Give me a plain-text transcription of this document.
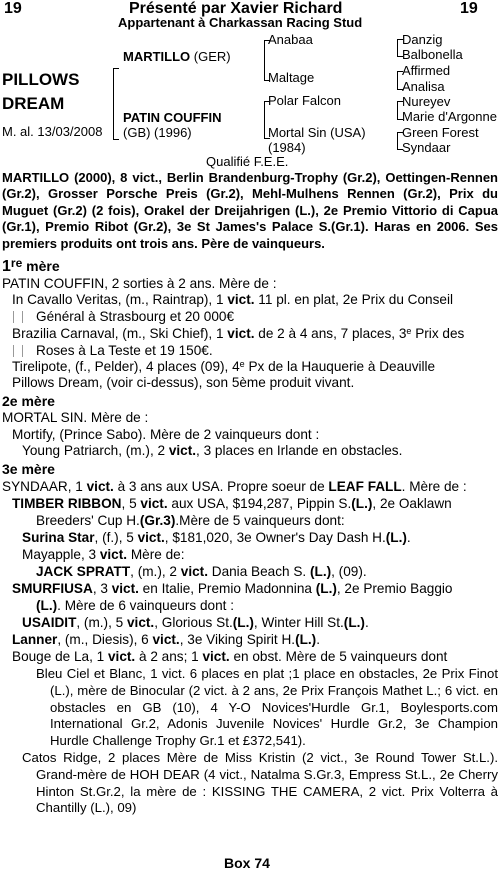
19	Présenté par Xavier Richard	19
Appartenant à Charkassan Racing Stud
PILLOWS
DREAM
M. al. 13/03/2008
MARTILLO (GER)
PATIN COUFFIN
(GB) (1996)
Anabaa
Maltage
Polar Falcon
Mortal Sin (USA)
(1984)
Danzig
Balbonella
Affirmed
Analisa
Nureyev
Marie d'Argonne
Green Forest
Syndaar
Qualifié F.E.E.
MARTILLO (2000), 8 vict., Berlin Brandenburg-Trophy (Gr.2), Oettingen-Rennen (Gr.2), Grosser Porsche Preis (Gr.2), Mehl-Mulhens Rennen (Gr.2), Prix du Muguet (Gr.2) (2 fois), Orakel der Dreijahrigen (L.), 2e Premio Vittorio di Capua (Gr.1), Premio Ribot (Gr.2), 3e St James's Palace S.(Gr.1). Haras en 2006. Ses premiers produits ont trois ans. Père de vainqueurs.
1re mère
PATIN COUFFIN, 2 sorties à 2 ans. Mère de :
In Cavallo Veritas, (m., Raintrap), 1 vict. 11 pl. en plat, 2e Prix du Conseil
Général à Strasbourg et 20 000€
Brazilia Carnaval, (m., Ski Chief), 1 vict. de 2 à 4 ans, 7 places, 3e Prix des
Roses à La Teste et 19 150€.
Tirelipote, (f., Pelder), 4 places (09), 4e Px de la Hauquerie à Deauville
Pillows Dream, (voir ci-dessus), son 5ème produit vivant.
2e mère
MORTAL SIN. Mère de :
Mortify, (Prince Sabo). Mère de 2 vainqueurs dont :
Young Patriarch, (m.), 2 vict., 3 places en Irlande en obstacles.
3e mère
SYNDAAR, 1 vict. à 3 ans aux USA. Propre soeur de LEAF FALL. Mère de :
TIMBER RIBBON, 5 vict. aux USA, $194,287, Pippin S.(L.), 2e Oaklawn
Breeders' Cup H.(Gr.3).Mère de 5 vainqueurs dont:
Surina Star, (f.), 5 vict., $181,020, 3e Owner's Day Dash H.(L.).
Mayapple, 3 vict. Mère de:
JACK SPRATT, (m.), 2 vict. Dania Beach S. (L.), (09).
SMURFIUSA, 3 vict. en Italie, Premio Madonnina (L.), 2e Premio Baggio
(L.). Mère de 6 vainqueurs dont :
USAIDIT, (m.), 5 vict., Glorious St.(L.), Winter Hill St.(L.).
Lanner, (m., Diesis), 6 vict., 3e Viking Spirit H.(L.).
Bouge de La, 1 vict. à 2 ans; 1 vict. en obst. Mère de 5 vainqueurs dont
Bleu Ciel et Blanc, 1 vict. 6 places en plat ;1 place en obstacles, 2e Prix Finot (L.), mère de Binocular (2 vict. à 2 ans, 2e Prix François Mathet L.; 6 vict. en obstacles en GB (10), 4 Y-O Novices'Hurdle Gr.1, Boylesports.com International Gr.2, Adonis Juvenile Novices' Hurdle Gr.2, 3e Champion Hurdle Challenge Trophy Gr.1 et £372,541).
Catos Ridge, 2 places Mère de Miss Kristin (2 vict., 3e Round Tower St.L.). Grand-mère de HOH DEAR (4 vict., Natalma S.Gr.3, Empress St.L., 2e Cherry Hinton St.Gr.2, la mère de : KISSING THE CAMERA, 2 vict. Prix Volterra à Chantilly (L.), 09)
Box 74
